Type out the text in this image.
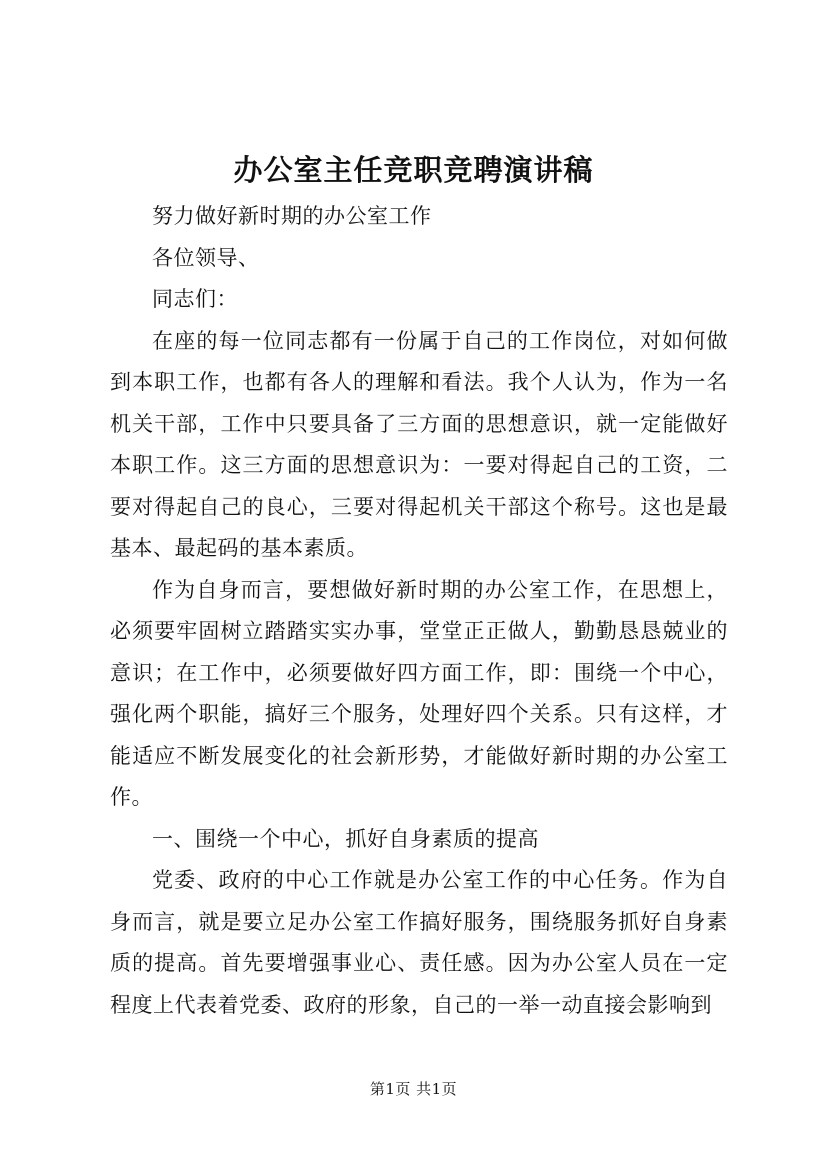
办公室主任竞职竞聘演讲稿

努力做好新时期的办公室工作

各位领导、

同志们：

在座的每一位同志都有一份属于自己的工作岗位，对如何做到本职工作，也都有各人的理解和看法。我个人认为，作为一名机关干部，工作中只要具备了三方面的思想意识，就一定能做好本职工作。这三方面的思想意识为：一要对得起自己的工资，二要对得起自己的良心，三要对得起机关干部这个称号。这也是最基本、最起码的基本素质。

作为自身而言，要想做好新时期的办公室工作，在思想上，必须要牢固树立踏踏实实办事，堂堂正正做人，勤勤恳恳兢业的意识；在工作中，必须要做好四方面工作，即：围绕一个中心，强化两个职能，搞好三个服务，处理好四个关系。只有这样，才能适应不断发展变化的社会新形势，才能做好新时期的办公室工作。

一、围绕一个中心，抓好自身素质的提高

党委、政府的中心工作就是办公室工作的中心任务。作为自身而言，就是要立足办公室工作搞好服务，围绕服务抓好自身素质的提高。首先要增强事业心、责任感。因为办公室人员在一定程度上代表着党委、政府的形象，自己的一举一动直接会影响到

第1页 共1页
